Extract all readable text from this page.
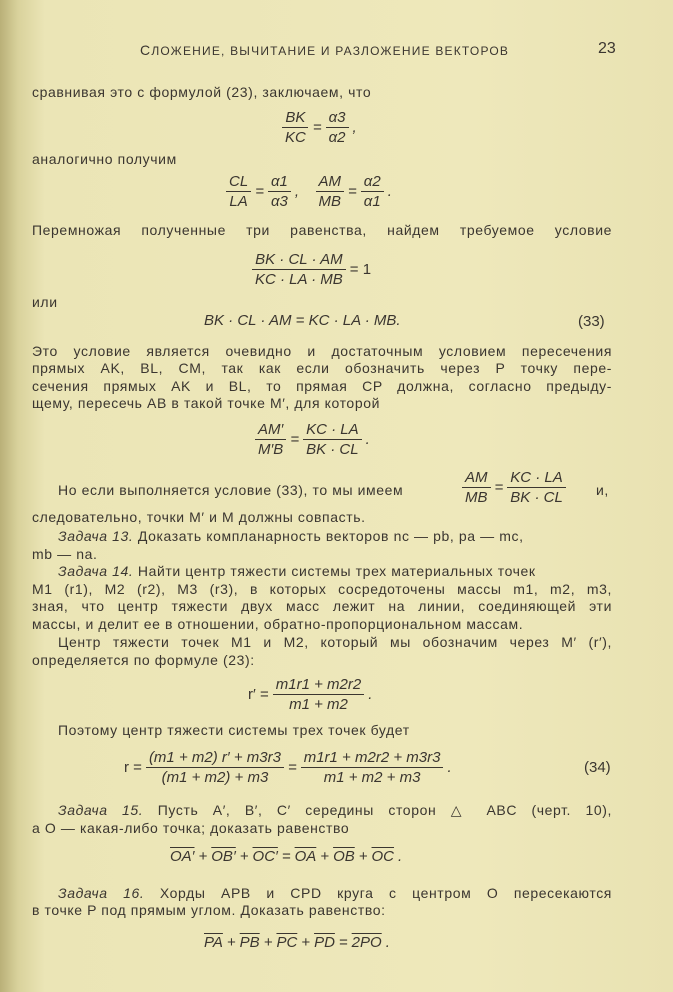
СЛОЖЕНИЕ, ВЫЧИТАНИЕ И РАЗЛОЖЕНИЕ ВЕКТОРОВ	23
сравнивая это с формулой (23), заключаем, что
BK
KC
=
α3
α2
,
аналогично получим
CL
LA
=
α1
α3
,
AM
MB
=
α2
α1
.
Перемножая полученные три равенства, найдем требуемое условие
$\frac{BK \cdot CL \cdot AM}{KC \cdot LA \cdot MB} = 1$
или
BK · CL · AM = KC · LA · MB.	(33)
Это условие является очевидно и достаточным условием пересечения
прямых AK, BL, CM, так как если обозначить через P точку пере-
сечения прямых AK и BL, то прямая CP должна, согласно предыду-
щему, пересечь AB в такой точке M′, для которой
AM′
M′B
=
KC · LA
BK · CL
.
Но если выполняется условие (33), то мы имеем
AM
MB
=
KC · LA
BK · CL и,
следовательно, точки M′ и M должны совпасть.
Задача 13. Доказать компланарность векторов nc — pb, pa — mc,
mb — na.
Задача 14. Найти центр тяжести системы трех материальных точек
M1 (r1), M2 (r2), M3 (r3), в которых сосредоточены массы m1, m2, m3,
зная, что центр тяжести двух масс лежит на линии, соединяющей эти
массы, и делит ее в отношении, обратно-пропорциональном массам.
Центр тяжести точек M1 и M2, который мы обозначим через M′ (r′),
определяется по формуле (23):
$r' = \frac{m1r1 + m2r2}{m1 + m2}$ .
Поэтому центр тяжести системы трех точек будет
$r = \frac{(m1 + m2) r' + m3r3}{(m1 + m2) + m3}$ =
m1r1 + m2r2 + m3r3
m1 + m2 + m3
.	(34)
Задача 15. Пусть A′, B′, C′ середины сторон △ ABC (черт. 10),
а O — какая-либо точка; доказать равенство
$OA' + OB' + OC' = \overline{OA} + \overline{OB} + \overline{OC}$ .
Задача 16. Хорды APB и CPD круга с центром O пересекаются
в точке P под прямым углом. Доказать равенство:
$\overline{PA} + \overline{PB} + \overline{PC} + \overline{PD} = 2PO$ .
